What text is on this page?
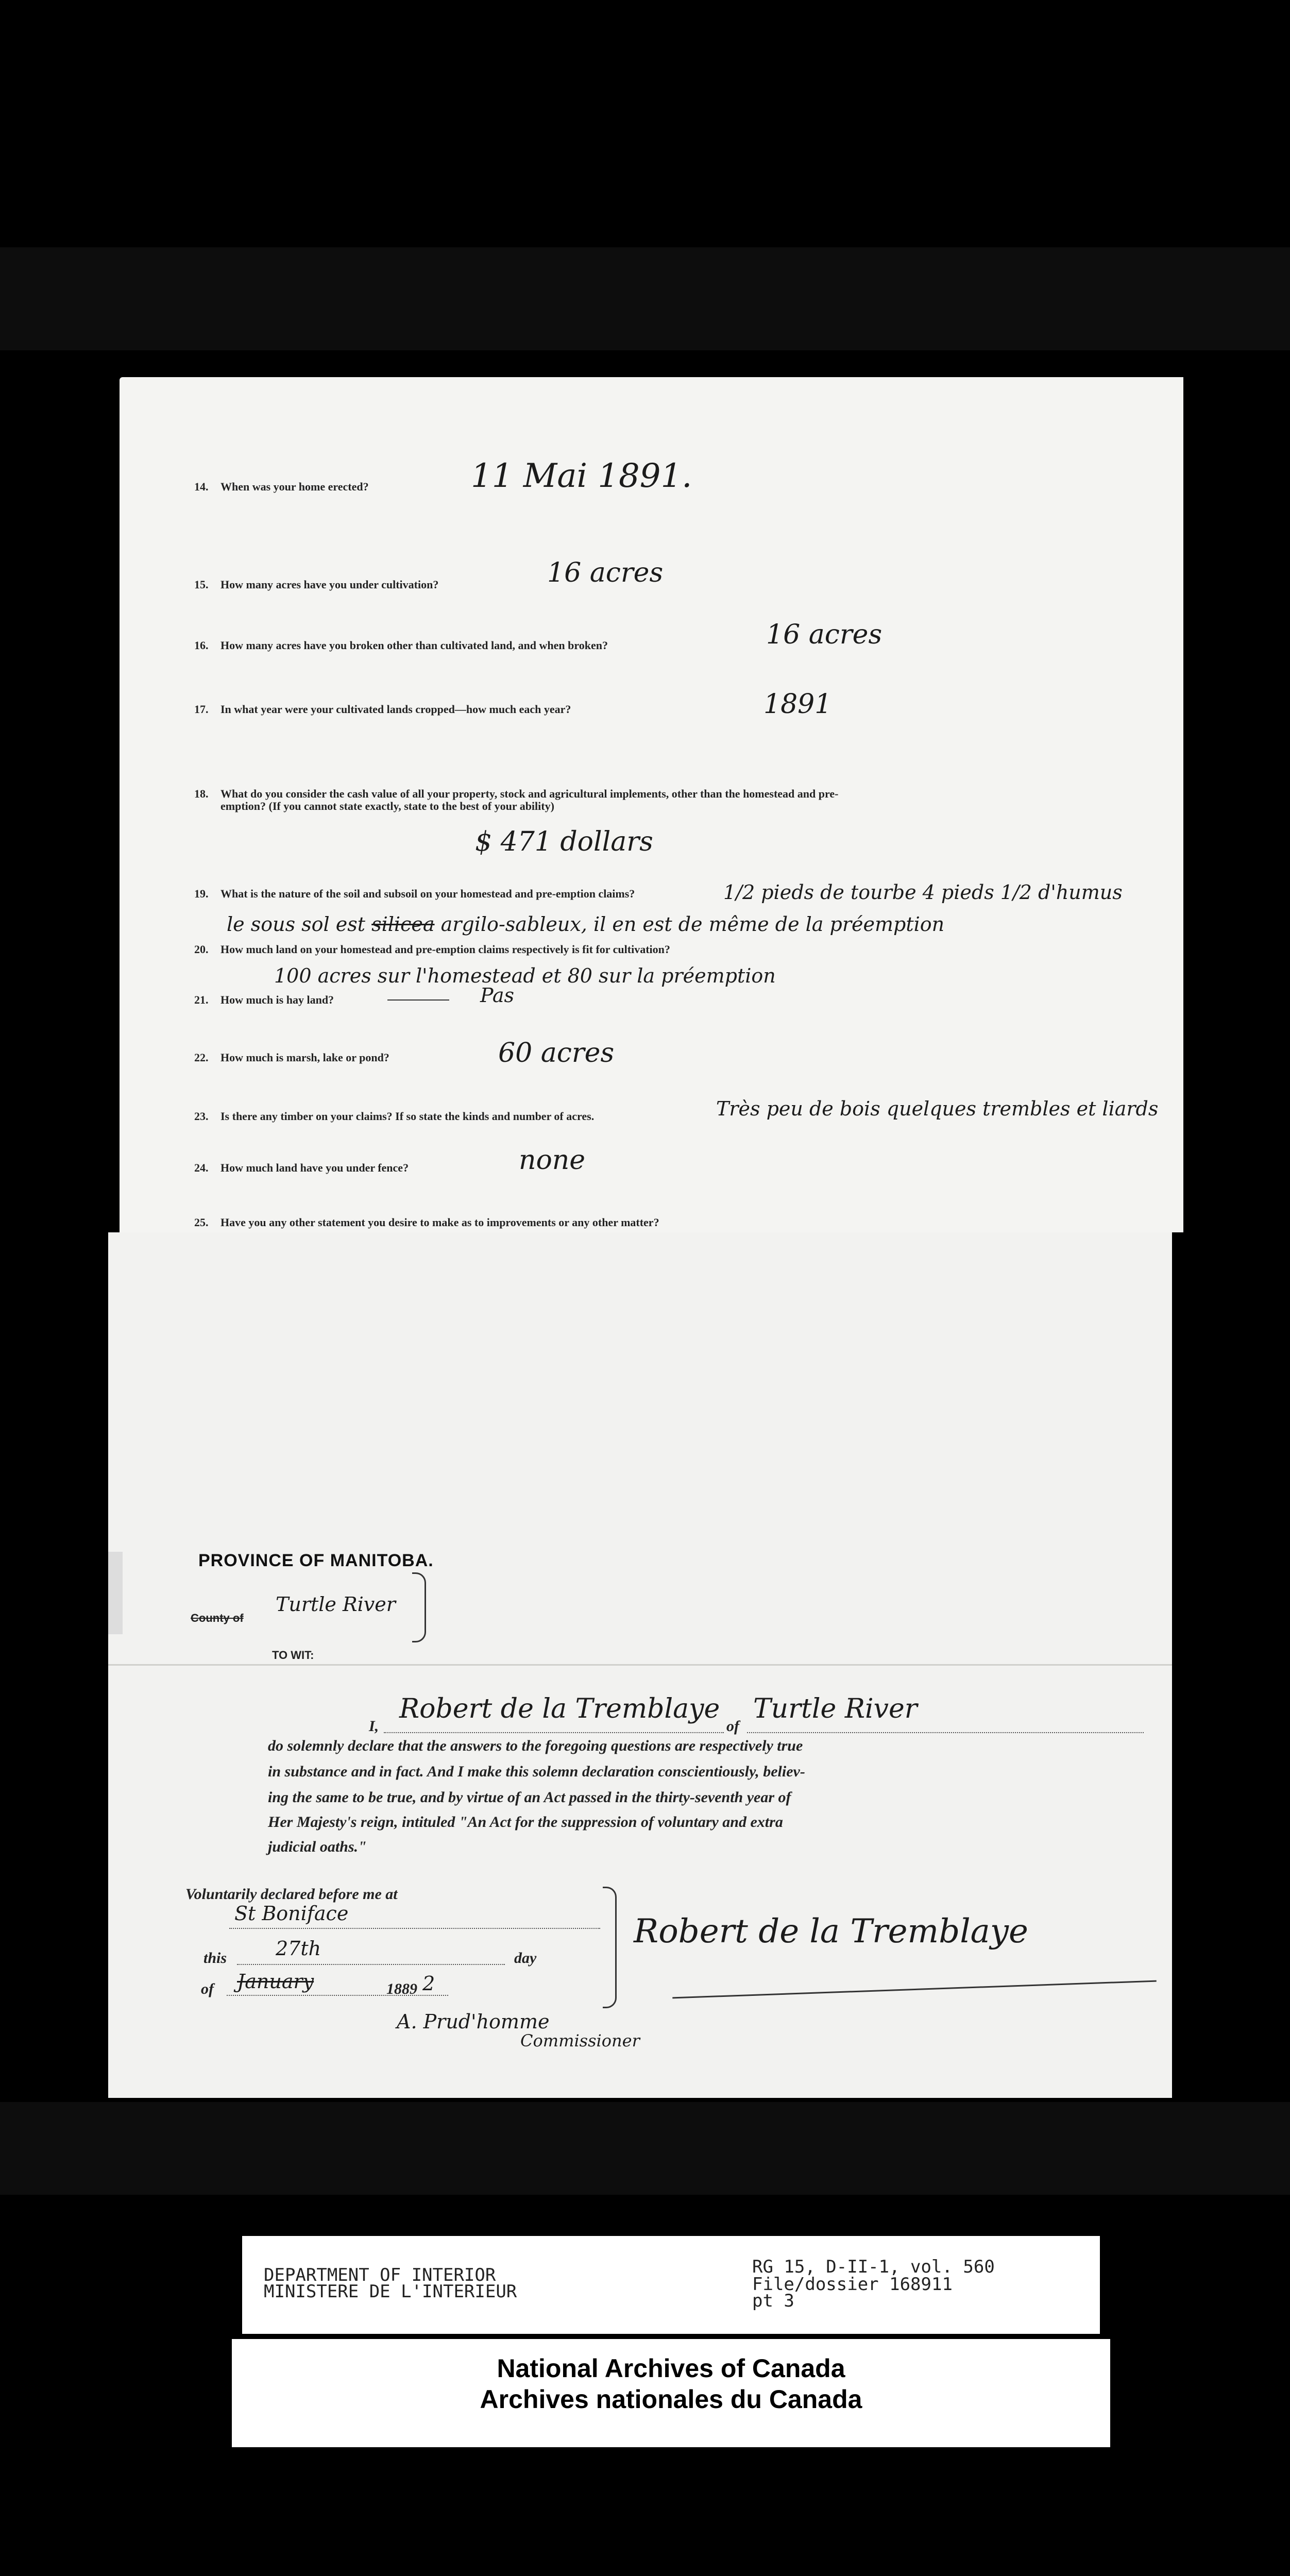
14. When was your home erected?	11 Mai 1891.
15. How many acres have you under cultivation?	16 acres
16. How many acres have you broken other than cultivated land, and when broken?	16 acres
17. In what year were your cultivated lands cropped—how much each year?	1891
18. What do you consider the cash value of all your property, stock and agricultural implements, other than the homestead and pre-
emption? (If you cannot state exactly, state to the best of your ability)
$ 471 dollars
19. What is the nature of the soil and subsoil on your homestead and pre-emption claims?	1/2 pieds de tourbe 4 pieds 1/2 d'humus
le sous sol est silicea argilo-sableux, il en est de même de la préemption
20. How much land on your homestead and pre-emption claims respectively is fit for cultivation?
100 acres sur l'homestead et 80 sur la préemption
21. How much is hay land?	Pas
22. How much is marsh, lake or pond?	60 acres
23. Is there any timber on your claims? If so state the kinds and number of acres.	Très peu de bois quelques trembles et liards
24. How much land have you under fence?	none
25. Have you any other statement you desire to make as to improvements or any other matter?
PROVINCE OF MANITOBA.
County of
Turtle River
TO WIT:
I,
Robert de la Tremblaye
of
Turtle River
do solemnly declare that the answers to the foregoing questions are respectively true
in substance and in fact. And I make this solemn declaration conscientiously, believ-
ing the same to be true, and by virtue of an Act passed in the thirty-seventh year of
Her Majesty's reign, intituled "An Act for the suppression of voluntary and extra
judicial oaths."
Voluntarily declared before me at
St Boniface
this 27th	day
of January	1889 2
Robert de la Tremblaye
A. Prud'homme
Commissioner
DEPARTMENT OF INTERIOR
MINISTERE DE L'INTERIEUR
RG 15, D-II-1, vol. 560
File/dossier 168911
pt 3
National Archives of Canada
Archives nationales du Canada
